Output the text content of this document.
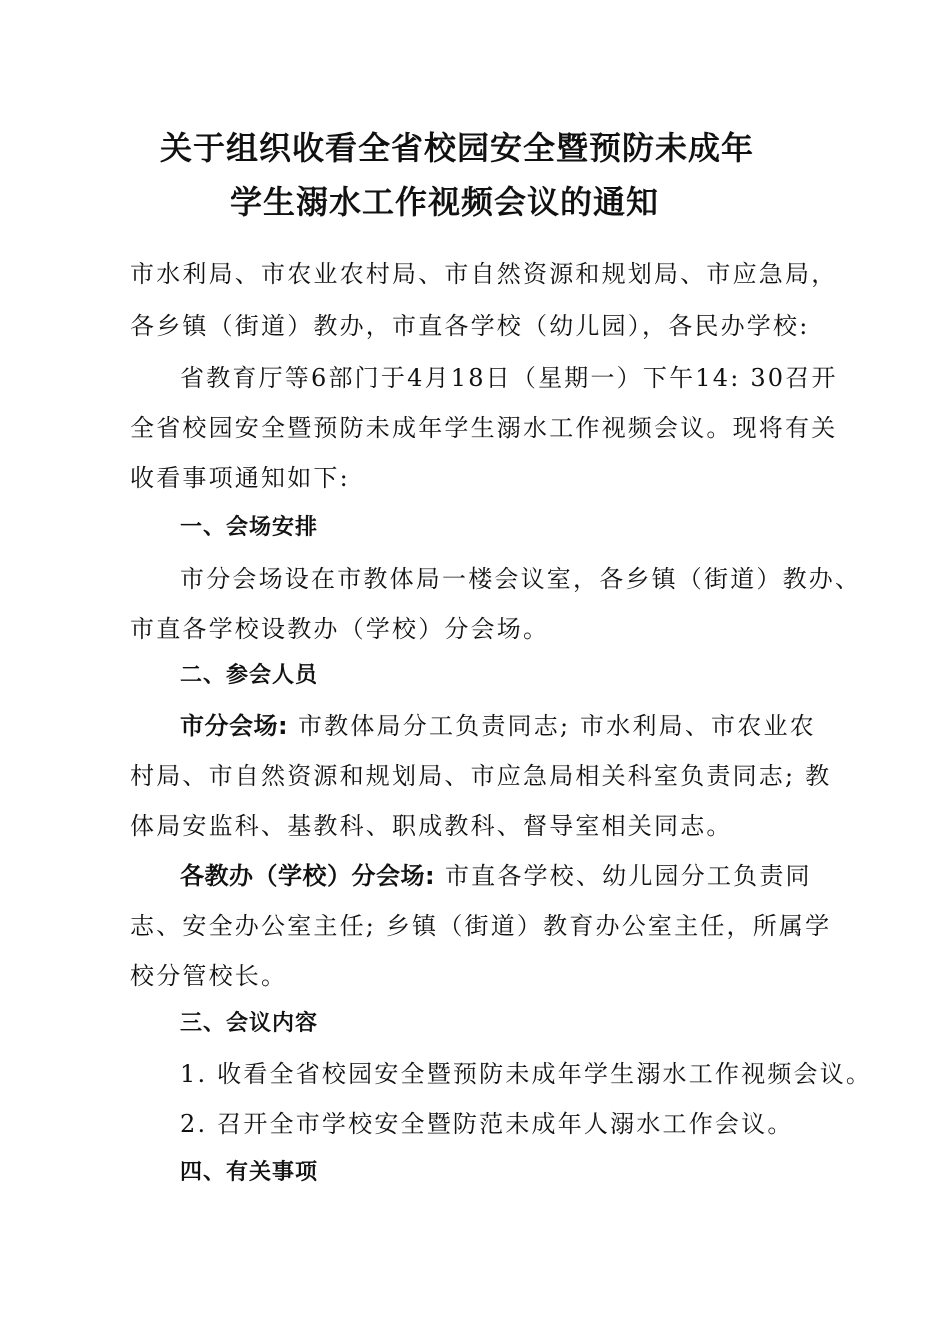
关于组织收看全省校园安全暨预防未成年
学生溺水工作视频会议的通知
市水利局、市农业农村局、市自然资源和规划局、市应急局，
各乡镇（街道）教办，市直各学校（幼儿园），各民办学校:
省教育厅等6部门于4月18日（星期一）下午14: 30召开
全省校园安全暨预防未成年学生溺水工作视频会议。现将有关
收看事项通知如下:
一、会场安排
市分会场设在市教体局一楼会议室，各乡镇（街道）教办、
市直各学校设教办（学校）分会场。
二、参会人员
市分会场: 市教体局分工负责同志; 市水利局、市农业农
村局、市自然资源和规划局、市应急局相关科室负责同志; 教
体局安监科、基教科、职成教科、督导室相关同志。
各教办（学校）分会场: 市直各学校、幼儿园分工负责同
志、安全办公室主任; 乡镇（街道）教育办公室主任，所属学
校分管校长。
三、会议内容
1. 收看全省校园安全暨预防未成年学生溺水工作视频会议。
2. 召开全市学校安全暨防范未成年人溺水工作会议。
四、有关事项
